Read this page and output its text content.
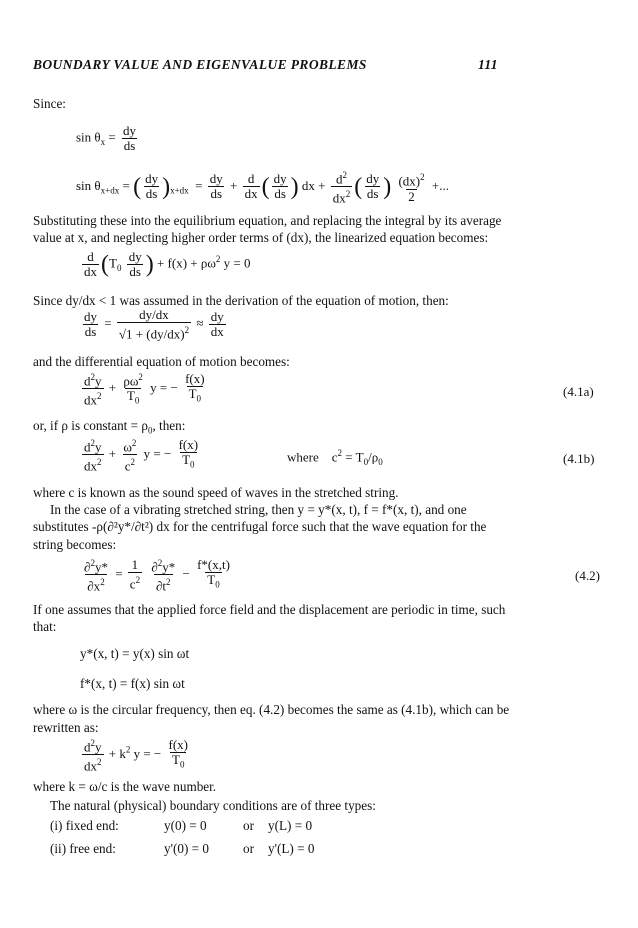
BOUNDARY VALUE AND EIGENVALUE PROBLEMS	111
Since:
$\sin \theta_x = \frac{dy}{ds}$
$\sin \theta_{x+dx}$ = ( $\frac{dy}{ds} )_{x+dx} = \frac{dy}{ds} + \frac{d}{dx}$ ( $\frac{dy}{ds}$ ) dx + $\frac{d^2}{dx^2}$ ( $\frac{dy}{ds}$ ) $\frac{(dx)^2}{2}$ +...
Substituting these into the equilibrium equation, and replacing the integral by its average
value at x, and neglecting higher order terms of (dx), the linearized equation becomes:
$\frac{d}{dx} (T_0 \frac{dy}{ds}$ ) + $f(x) + \rho\omega^2$ y = 0
Since dy/dx < 1 was assumed in the derivation of the equation of motion, then:
$\frac{dy}{ds} = \frac{dy/dx}{√1 + (dy/dx)^2} \approx \frac{dy}{dx}$
and the differential equation of motion becomes:
$\frac{d^2y}{dx^2} + \frac{\rho\omega^2}{T_0}$ y = − $\frac{f(x)}{T_0}$	(4.1a)
or, if ρ is constant = $\rho_0$, then:
$\frac{d^2y}{dx^2} + \frac{\omega^2}{c^2}$ y = − $\frac{f(x)}{T_0}$	where    $c^2 = T_0/\rho_0$	(4.1b)
where c is known as the sound speed of waves in the stretched string.
In the case of a vibrating stretched string, then y = y*(x, t), f = f*(x, t), and one
substitutes -ρ(∂²y*/∂t²) dx for the centrifugal force such that the wave equation for the
string becomes:
$\frac{\partial^2y*}{\partial x^2} = \frac{1}{c^2}$
$\frac{\partial^2y*}{\partial t^2} - \frac{f*(x,t)}{T_0}$	(4.2)
If one assumes that the applied force field and the displacement are periodic in time, such
that:
y*(x, t) = y(x) sin ωt
f*(x, t) = f(x) sin ωt
where ω is the circular frequency, then eq. (4.2) becomes the same as (4.1b), which can be
rewritten as:
$\frac{d^2y}{dx^2} + k^2$ y = − $\frac{f(x)}{T_0}$
where k = ω/c is the wave number.
The natural (physical) boundary conditions are of three types:
(i) fixed end:	y(0) = 0	or y(L) = 0
(ii) free end:	y'(0) = 0	or y'(L) = 0
